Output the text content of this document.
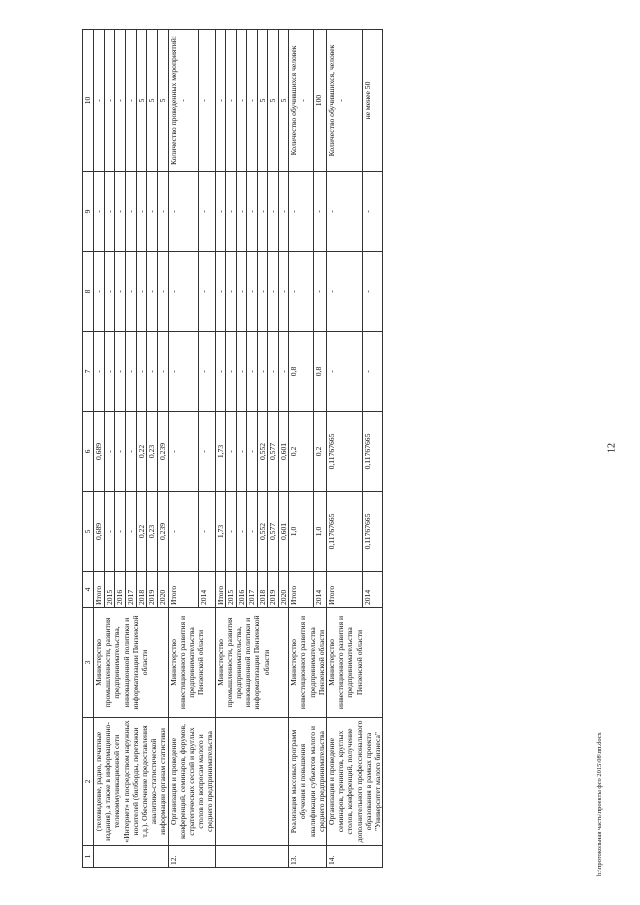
12
1	2	3	4	5	6	7	8	9	10
	(телевидение, радио, печатные издания), а также в информационно-телекоммуникационной сети «Интернет» и посредством наружных носителей (билборды, перетяжки т.д.). Обеспечение предоставления аналитико-статистической информации органам статистики	Министерство промышленности, развития предпринимательства, инновационной политики и информатизации Пензенской области	Итого	0,689	0,689	-	-	-	-

			2015	-	-	-	-	-	-

			2016	-	-	-	-	-	-

			2017	-	-	-	-	-	-

			2018	0,22	0,22	-	-	-	5

			2019	0,23	0,23	-	-	-	5

			2020	0,239	0,239	-	-	-	5

12.	Организация и проведение конференций, семинаров, форумов, стратегических сессий и круглых столов по вопросам малого и среднего предпринимательства	Министерство инвестиционного развития и предпринимательства Пензенской области	Итого	-	-	-	-	-	Количество проведенных мероприятий: -

			2014	-	-	-	-	-	-

		Министерство промышленности, развития предпринимательства, инновационной политики и информатизации Пензенской области	Итого	1,73	1,73	-	-	-	-

			2015	-	-	-	-	-	-

			2016	-	-	-	-	-	-

			2017	-	-	-	-	-	-

			2018	0,552	0,552	-	-	-	5

			2019	0,577	0,577	-	-	-	5

			2020	0,601	0,601	-	-	-	5

13.	Реализация массовых программ обучения и повышения квалификации субъектов малого и среднего предпринимательства	Министерство инвестиционного развития и предпринимательства Пензенской области	Итого	1,0	0,2	0,8	-	-	Количество обучившихся человек -

			2014	1,0	0,2	0,8	-	-	100

14.	Организация и проведение семинаров, тренингов, круглых столов, конференций, получение дополнительного профессионального образования в рамках проекта "Университет малого бизнеса"	Министерство инвестиционного развития и предпринимательства Пензенской области	Итого	0,11767665	0,11767665	-	-	-	Количество обучившихся, человек -

			2014	0,11767665	0,11767665	-	-	-	не менее 50
h:\протокольная часть\проекты фсо 2015\08\пп.docx
